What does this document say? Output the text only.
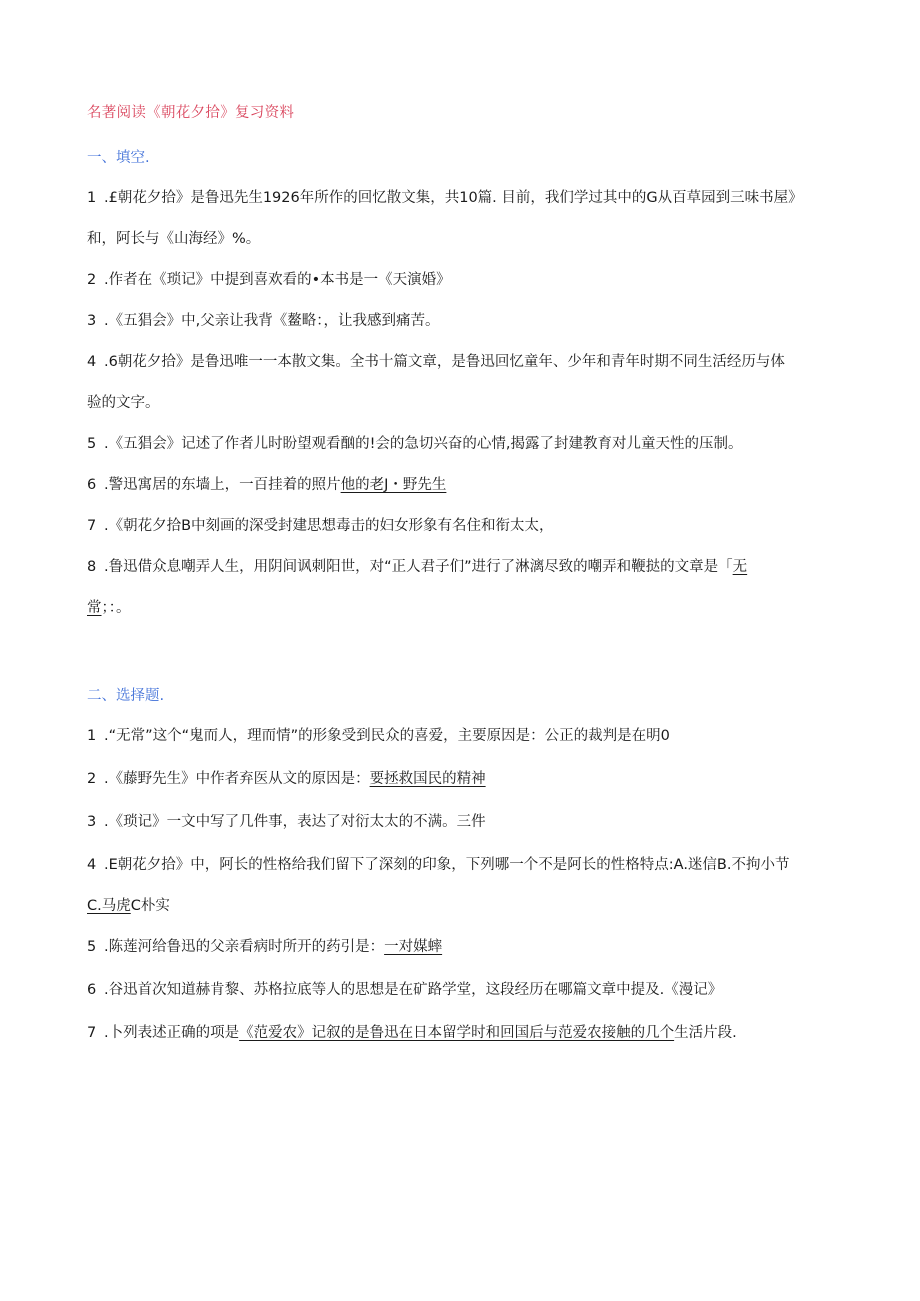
名著阅读《朝花夕拾》复习资料
一、填空.
1 .£朝花夕拾》是鲁迅先生1926年所作的回忆散文集，共10篇. 目前，我们学过其中的G从百草园到三味书屋》
和，阿长与《山海经》%。
2 .作者在《琐记》中提到喜欢看的•本书是一《天演婚》
3 .《五猖会》中,父亲让我背《鳌略：，让我感到痛苦。
4 .6朝花夕拾》是鲁迅唯一一本散文集。全书十篇文章，是鲁迅回忆童年、少年和青年时期不同生活经历与体
验的文字。
5 .《五猖会》记述了作者儿时盼望观看酗的!会的急切兴奋的心情,揭露了封建教育对儿童天性的压制。
6 .警迅寓居的东墙上，一百挂着的照片他的老J・野先生
7 .《朝花夕拾B中刻画的深受封建思想毒击的妇女形象有名住和衔太太，
8 .鲁迅借众息嘲弄人生，用阴间讽刺阳世，对“正人君子们”进行了淋漓尽致的嘲弄和鞭挞的文章是「无
常；：。
二、选择题.
1 .“无常”这个“鬼而人，理而情”的形象受到民众的喜爱，主要原因是：公正的裁判是在明0
2 .《藤野先生》中作者弃医从文的原因是：要拯救国民的精神
3 .《琐记》一文中写了几件事，表达了对衍太太的不满。三件
4 .E朝花夕拾》中，阿长的性格给我们留下了深刻的印象，下列哪一个不是阿长的性格特点:A.迷信B.不拘小节
C.马虎C朴实
5 .陈莲河给鲁迅的父亲看病时所开的药引是：一对媒蟀
6 .谷迅首次知道赫肯黎、苏格拉底等人的思想是在矿路学堂，这段经历在哪篇文章中提及.《漫记》
7 .卜列表述正确的项是《范爱农》记叙的是鲁迅在日本留学时和回国后与范爱农接触的几个生活片段.
